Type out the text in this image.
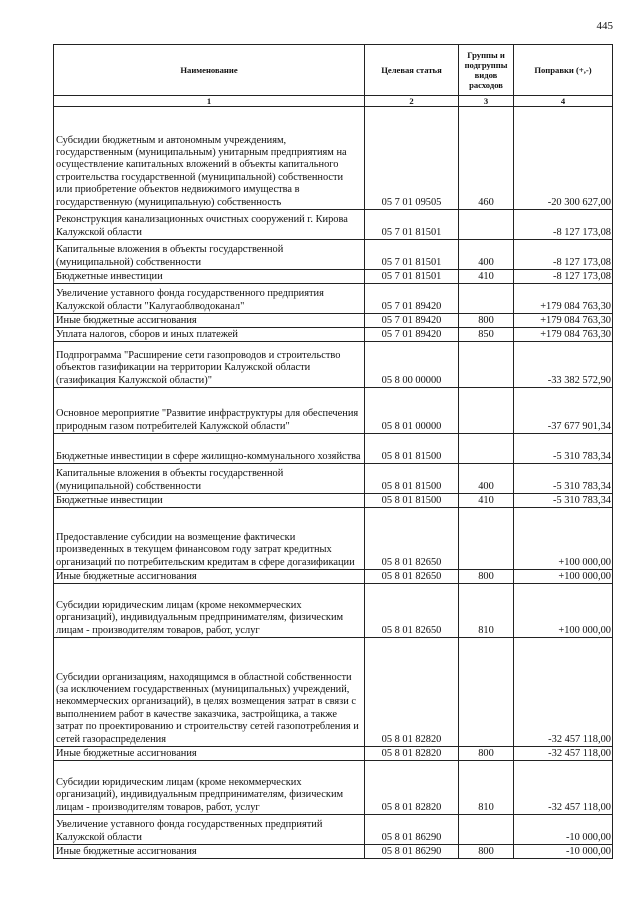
445
Наименование	Целевая статья	Группы и подгруппы видов расходов	Поправки (+,-)
1	2	3	4
Субсидии бюджетным и автономным учреждениям, государственным (муниципальным) унитарным предприятиям на осуществление капитальных вложений в объекты капитального строительства государственной (муниципальной) собственности или приобретение объектов недвижимого имущества в государственную (муниципальную) собственность	05 7 01 09505	460	-20 300 627,00
Реконструкция канализационных очистных сооружений г. Кирова Калужской области	05 7 01 81501		-8 127 173,08
Капитальные вложения в объекты государственной (муниципальной) собственности	05 7 01 81501	400	-8 127 173,08
Бюджетные инвестиции	05 7 01 81501	410	-8 127 173,08
Увеличение уставного фонда государственного предприятия Калужской области "Калугаоблводоканал"	05 7 01 89420		+179 084 763,30
Иные бюджетные ассигнования	05 7 01 89420	800	+179 084 763,30
Уплата налогов, сборов и иных платежей	05 7 01 89420	850	+179 084 763,30
Подпрограмма "Расширение сети газопроводов и строительство объектов газификации на территории Калужской области (газификация Калужской области)"	05 8 00 00000		-33 382 572,90
Основное мероприятие "Развитие инфраструктуры для обеспечения природным газом потребителей Калужской области"	05 8 01 00000		-37 677 901,34
Бюджетные инвестиции в сфере жилищно-коммунального хозяйства	05 8 01 81500		-5 310 783,34
Капитальные вложения в объекты государственной (муниципальной) собственности	05 8 01 81500	400	-5 310 783,34
Бюджетные инвестиции	05 8 01 81500	410	-5 310 783,34
Предоставление субсидии на возмещение фактически произведенных в текущем финансовом году затрат кредитных организаций по потребительским кредитам в сфере догазификации	05 8 01 82650		+100 000,00
Иные бюджетные ассигнования	05 8 01 82650	800	+100 000,00
Субсидии юридическим лицам (кроме некоммерческих организаций), индивидуальным предпринимателям, физическим лицам - производителям товаров, работ, услуг	05 8 01 82650	810	+100 000,00
Субсидии организациям, находящимся в областной собственности (за исключением государственных (муниципальных) учреждений, некоммерческих организаций), в целях возмещения затрат в связи с выполнением работ в качестве заказчика, застройщика, а также затрат по проектированию и строительству сетей газопотребления и сетей газораспределения	05 8 01 82820		-32 457 118,00
Иные бюджетные ассигнования	05 8 01 82820	800	-32 457 118,00
Субсидии юридическим лицам (кроме некоммерческих организаций), индивидуальным предпринимателям, физическим лицам - производителям товаров, работ, услуг	05 8 01 82820	810	-32 457 118,00
Увеличение уставного фонда государственных предприятий Калужской области	05 8 01 86290		-10 000,00
Иные бюджетные ассигнования	05 8 01 86290	800	-10 000,00
